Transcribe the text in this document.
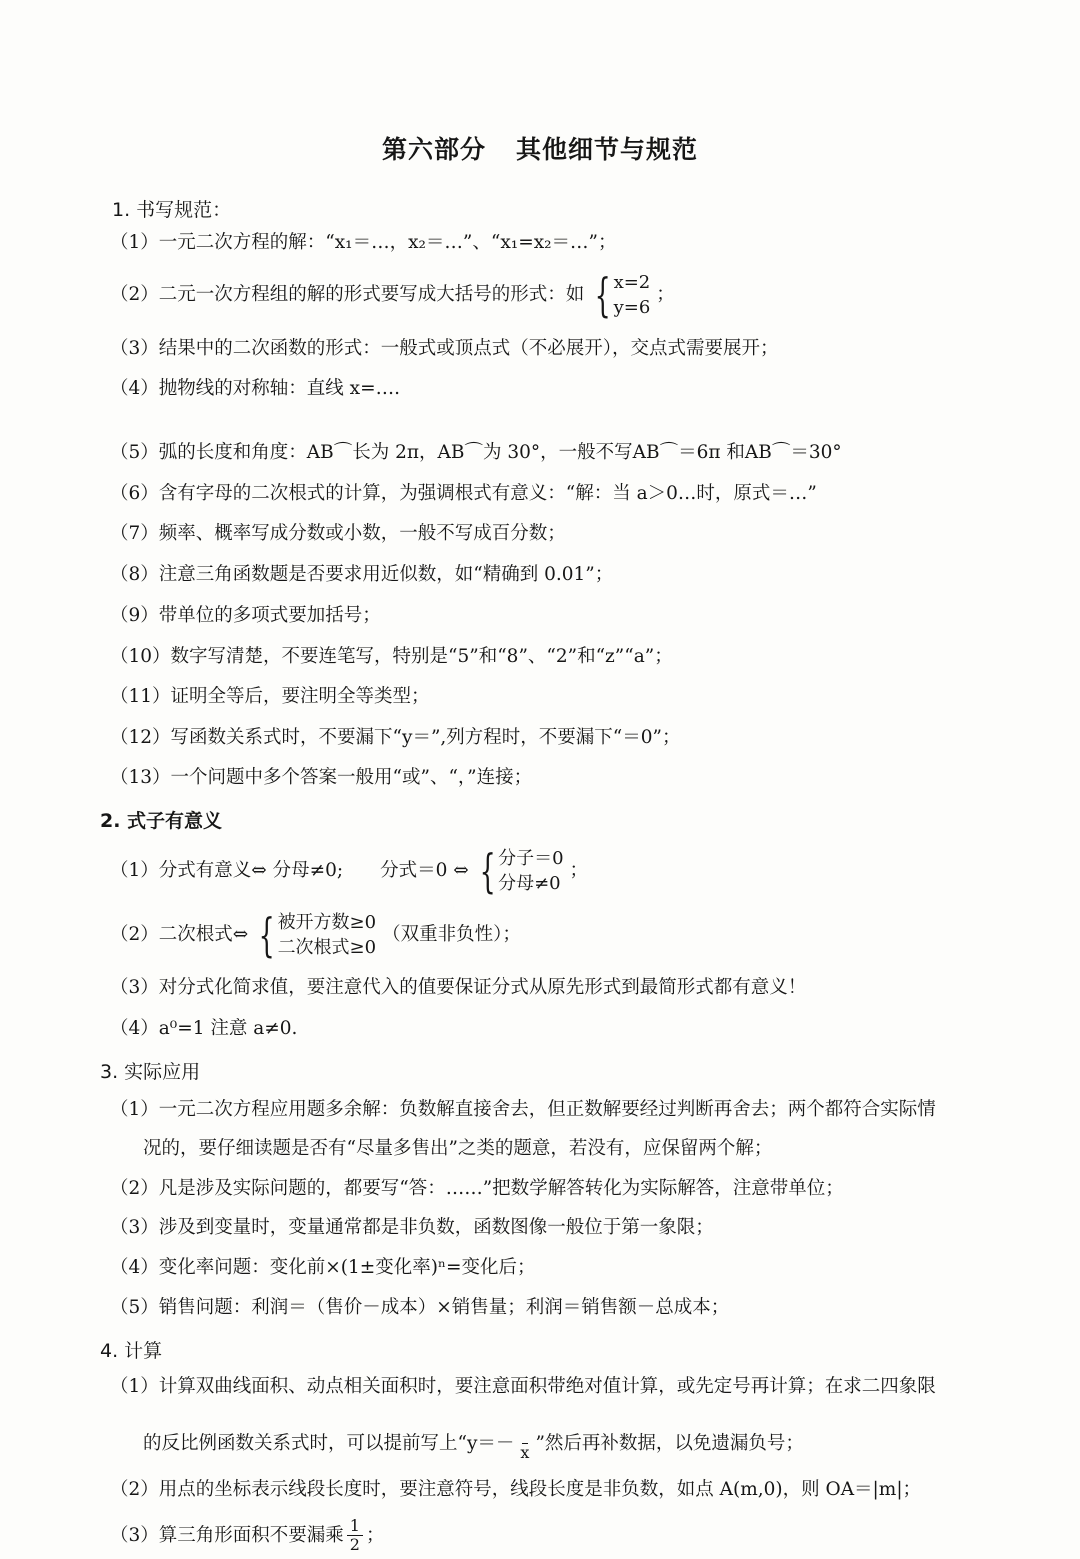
第六部分 其他细节与规范
1. 书写规范：
（1）一元二次方程的解：“x₁＝…，x₂＝…”、“x₁=x₂＝…”；
（2）二元一次方程组的解的形式要写成大括号的形式：如 { x=2
y=6
；
（3）结果中的二次函数的形式：一般式或顶点式（不必展开），交点式需要展开；
（4）抛物线的对称轴：直线 x=….
（5）弧的长度和角度：AB⌒长为 2π，AB⌒为 30°，一般不写AB⌒＝6π 和AB⌒＝30°
（6）含有字母的二次根式的计算，为强调根式有意义：“解：当 a＞0…时，原式＝…”
（7）频率、概率写成分数或小数，一般不写成百分数；
（8）注意三角函数题是否要求用近似数，如“精确到 0.01”；
（9）带单位的多项式要加括号；
（10）数字写清楚，不要连笔写，特别是“5”和“8”、“2”和“z”“a”；
（11）证明全等后，要注明全等类型；
（12）写函数关系式时，不要漏下“y＝”,列方程时，不要漏下“＝0”；
（13）一个问题中多个答案一般用“或”、“，”连接；
2. 式子有意义
（1）分式有意义⇔ 分母≠0;　　分式＝0 ⇔ { 分子＝0
分母≠0
；
（2）二次根式⇔ { 被开方数≥0
二次根式≥0
（双重非负性）；
（3）对分式化简求值，要注意代入的值要保证分式从原先形式到最简形式都有意义！
（4）a⁰=1 注意 a≠0.
3. 实际应用
（1）一元二次方程应用题多余解：负数解直接舍去，但正数解要经过判断再舍去；两个都符合实际情
况的，要仔细读题是否有“尽量多售出”之类的题意，若没有，应保留两个解；
（2）凡是涉及实际问题的，都要写“答：……”把数学解答转化为实际解答，注意带单位；
（3）涉及到变量时，变量通常都是非负数，函数图像一般位于第一象限；
（4）变化率问题：变化前×(1±变化率)ⁿ=变化后；
（5）销售问题：利润＝（售价－成本）×销售量；利润＝销售额－总成本；
4. 计算
（1）计算双曲线面积、动点相关面积时，要注意面积带绝对值计算，或先定号再计算；在求二四象限
的反比例函数关系式时，可以提前写上“y＝－ x ”然后再补数据，以免遗漏负号；
（2）用点的坐标表示线段长度时，要注意符号，线段长度是非负数，如点 A(m,0)，则 OA＝|m|；
（3）算三角形面积不要漏乘 $\frac{1}{2}$ ；
